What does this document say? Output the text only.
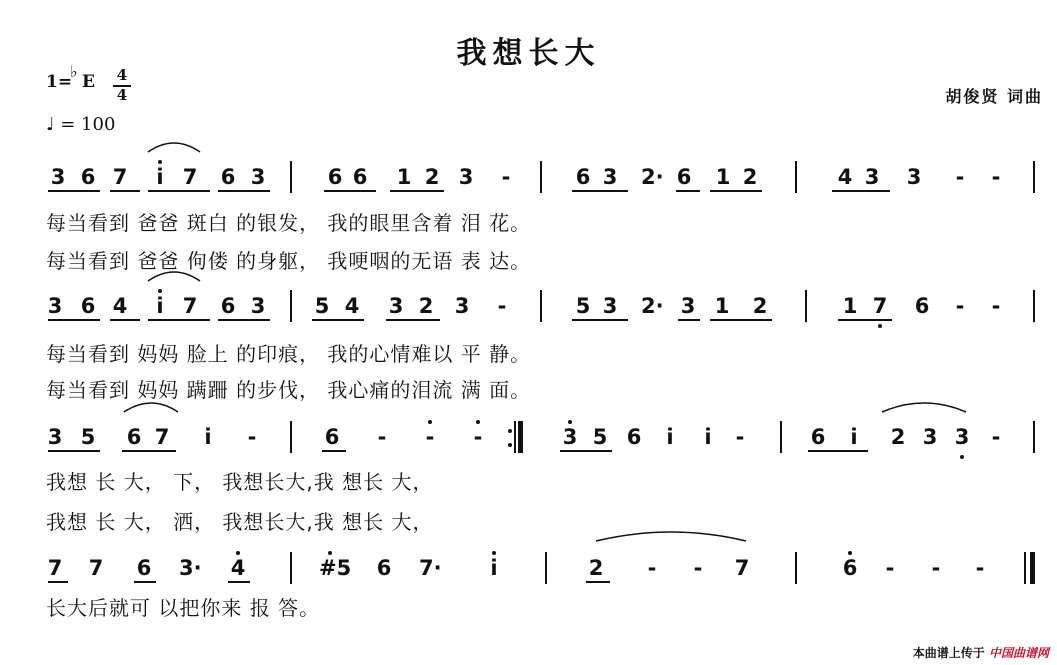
我想长大
1=
♭
E 4
4
♩ = 100
胡俊贤 词曲
3 6 7	i 7 6 3	6 6 1 2 3	-	6 3 2· 6 1 2	4 3 3	-	-
每当看到 爸爸 斑白 的银发， 我的眼里含着 泪 花。
每当看到 爸爸 佝偻 的身躯， 我哽咽的无语 表 达。
3 6 4	i 7 6 3 5 4 3 2 3	-	5 3 2· 3 1 2	1 7 6	-	-
每当看到 妈妈 脸上 的印痕， 我的心情难以 平 静。
每当看到 妈妈 蹒跚 的步伐， 我心痛的泪流 满 面。
3 5 6 7	i	-	6	-	-	-	3 5 6	i	i	-	6	i	2 3 3	-
我想 长 大， 下， 我想长大,我 想长 大，
我想 长 大， 洒， 我想长大,我 想长 大，
7 7 6 3· 4	#5 6 7·	i	2	-	-	7	6	-	-	-
长大后就可 以把你来 报 答。
本曲谱上传于 中国曲谱网
